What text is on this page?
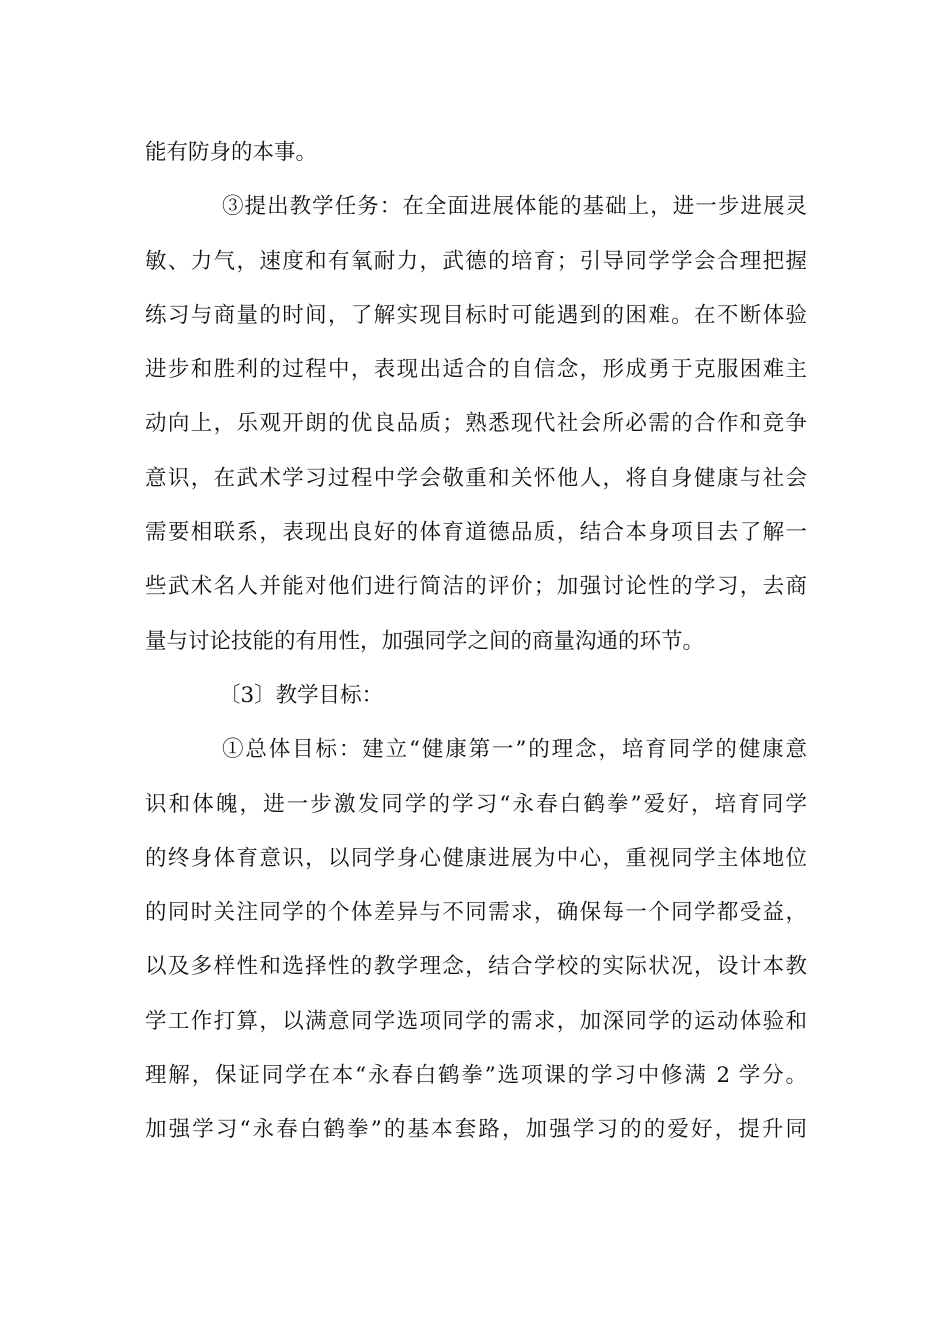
能有防身的本事。
③提出教学任务：在全面进展体能的基础上，进一步进展灵
敏、力气，速度和有氧耐力，武德的培育；引导同学学会合理把握
练习与商量的时间，了解实现目标时可能遇到的困难。在不断体验
进步和胜利的过程中，表现出适合的自信念，形成勇于克服困难主
动向上，乐观开朗的优良品质；熟悉现代社会所必需的合作和竞争
意识，在武术学习过程中学会敬重和关怀他人，将自身健康与社会
需要相联系，表现出良好的体育道德品质，结合本身项目去了解一
些武术名人并能对他们进行简洁的评价；加强讨论性的学习，去商
量与讨论技能的有用性，加强同学之间的商量沟通的环节。
〔3〕教学目标：
①总体目标：建立“健康第一”的理念，培育同学的健康意
识和体魄，进一步激发同学的学习“永春白鹤拳”爱好，培育同学
的终身体育意识，以同学身心健康进展为中心，重视同学主体地位
的同时关注同学的个体差异与不同需求，确保每一个同学都受益，
以及多样性和选择性的教学理念，结合学校的实际状况，设计本教
学工作打算，以满意同学选项同学的需求，加深同学的运动体验和
理解，保证同学在本“永春白鹤拳”选项课的学习中修满 2 学分。
加强学习“永春白鹤拳”的基本套路，加强学习的的爱好，提升同
